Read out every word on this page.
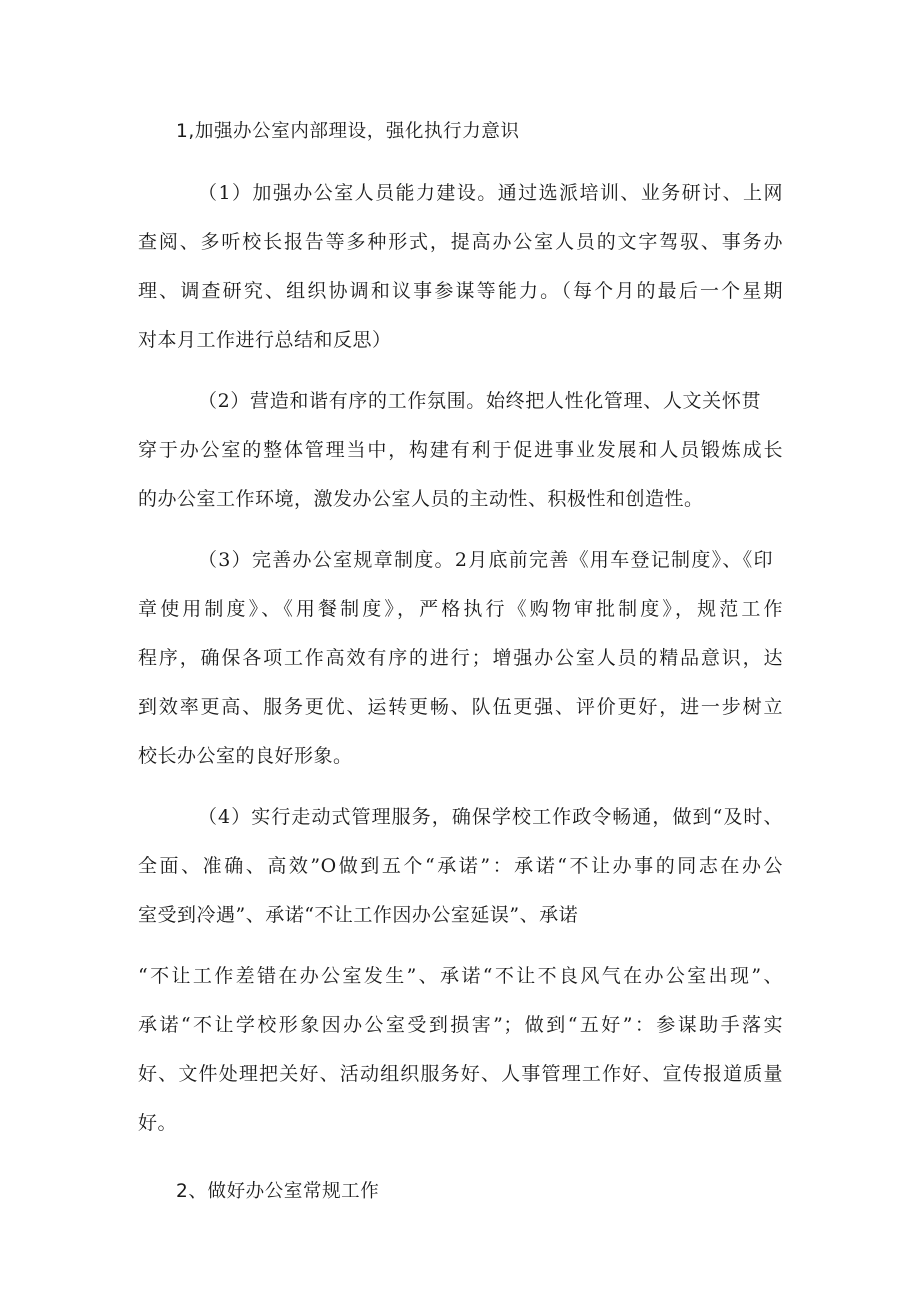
1,加强办公室内部理设，强化执行力意识
（1）加强办公室人员能力建设。通过选派培训、业务研讨、上网
查阅、多听校长报告等多种形式，提高办公室人员的文字驾驭、事务办
理、调查研究、组织协调和议事参谋等能力。（每个月的最后一个星期
对本月工作进行总结和反思）
（2）营造和谐有序的工作氛围。始终把人性化管理、人文关怀贯
穿于办公室的整体管理当中，构建有利于促进事业发展和人员锻炼成长
的办公室工作环境，激发办公室人员的主动性、积极性和创造性。
（3）完善办公室规章制度。2月底前完善《用车登记制度》、《印
章使用制度》、《用餐制度》，严格执行《购物审批制度》，规范工作
程序，确保各项工作高效有序的进行；增强办公室人员的精品意识，达
到效率更高、服务更优、运转更畅、队伍更强、评价更好，进一步树立
校长办公室的良好形象。
（4）实行走动式管理服务，确保学校工作政令畅通，做到“及时、
全面、准确、高效”O做到五个“承诺”：承诺“不让办事的同志在办公
室受到冷遇”、承诺“不让工作因办公室延误”、承诺
“不让工作差错在办公室发生”、承诺“不让不良风气在办公室出现”、
承诺“不让学校形象因办公室受到损害”；做到“五好”：参谋助手落实
好、文件处理把关好、活动组织服务好、人事管理工作好、宣传报道质量
好。
2、做好办公室常规工作
